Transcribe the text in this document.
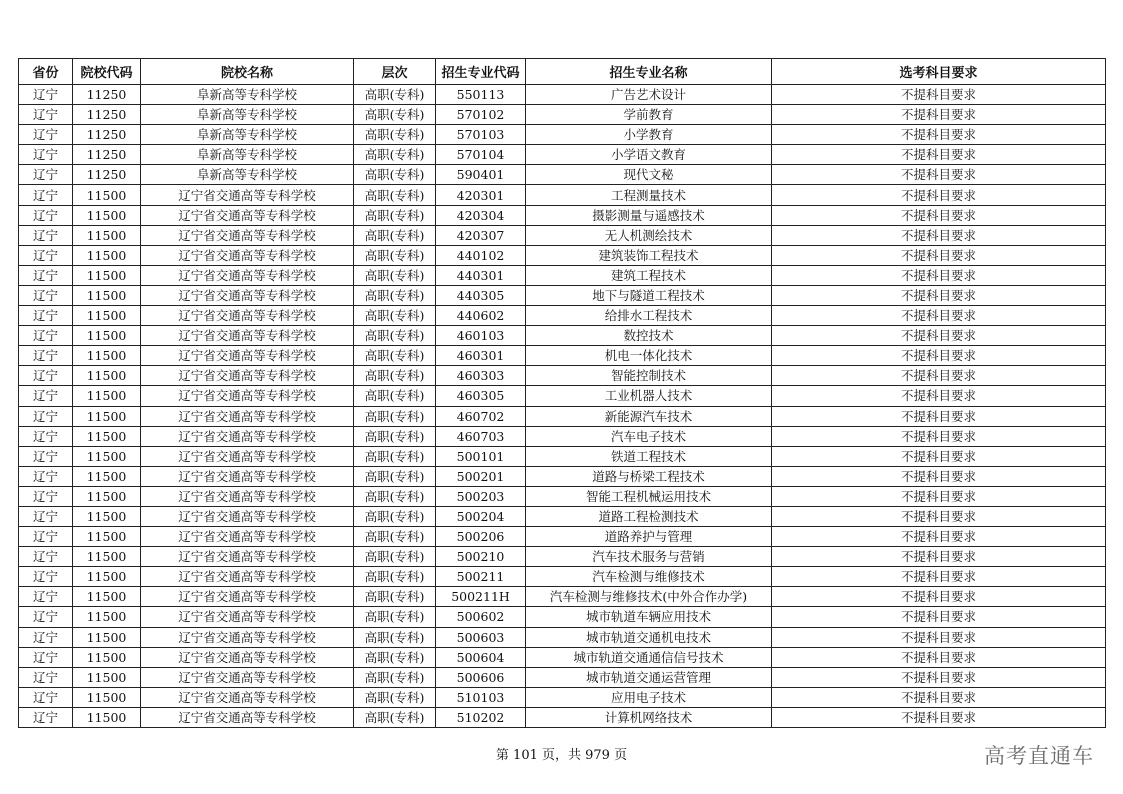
省份	院校代码	院校名称	层次	招生专业代码	招生专业名称	选考科目要求
辽宁	11250	阜新高等专科学校	高职(专科)	550113	广告艺术设计	不提科目要求
辽宁	11250	阜新高等专科学校	高职(专科)	570102	学前教育	不提科目要求
辽宁	11250	阜新高等专科学校	高职(专科)	570103	小学教育	不提科目要求
辽宁	11250	阜新高等专科学校	高职(专科)	570104	小学语文教育	不提科目要求
辽宁	11250	阜新高等专科学校	高职(专科)	590401	现代文秘	不提科目要求
辽宁	11500	辽宁省交通高等专科学校	高职(专科)	420301	工程测量技术	不提科目要求
辽宁	11500	辽宁省交通高等专科学校	高职(专科)	420304	摄影测量与遥感技术	不提科目要求
辽宁	11500	辽宁省交通高等专科学校	高职(专科)	420307	无人机测绘技术	不提科目要求
辽宁	11500	辽宁省交通高等专科学校	高职(专科)	440102	建筑装饰工程技术	不提科目要求
辽宁	11500	辽宁省交通高等专科学校	高职(专科)	440301	建筑工程技术	不提科目要求
辽宁	11500	辽宁省交通高等专科学校	高职(专科)	440305	地下与隧道工程技术	不提科目要求
辽宁	11500	辽宁省交通高等专科学校	高职(专科)	440602	给排水工程技术	不提科目要求
辽宁	11500	辽宁省交通高等专科学校	高职(专科)	460103	数控技术	不提科目要求
辽宁	11500	辽宁省交通高等专科学校	高职(专科)	460301	机电一体化技术	不提科目要求
辽宁	11500	辽宁省交通高等专科学校	高职(专科)	460303	智能控制技术	不提科目要求
辽宁	11500	辽宁省交通高等专科学校	高职(专科)	460305	工业机器人技术	不提科目要求
辽宁	11500	辽宁省交通高等专科学校	高职(专科)	460702	新能源汽车技术	不提科目要求
辽宁	11500	辽宁省交通高等专科学校	高职(专科)	460703	汽车电子技术	不提科目要求
辽宁	11500	辽宁省交通高等专科学校	高职(专科)	500101	铁道工程技术	不提科目要求
辽宁	11500	辽宁省交通高等专科学校	高职(专科)	500201	道路与桥梁工程技术	不提科目要求
辽宁	11500	辽宁省交通高等专科学校	高职(专科)	500203	智能工程机械运用技术	不提科目要求
辽宁	11500	辽宁省交通高等专科学校	高职(专科)	500204	道路工程检测技术	不提科目要求
辽宁	11500	辽宁省交通高等专科学校	高职(专科)	500206	道路养护与管理	不提科目要求
辽宁	11500	辽宁省交通高等专科学校	高职(专科)	500210	汽车技术服务与营销	不提科目要求
辽宁	11500	辽宁省交通高等专科学校	高职(专科)	500211	汽车检测与维修技术	不提科目要求
辽宁	11500	辽宁省交通高等专科学校	高职(专科)	500211H	汽车检测与维修技术(中外合作办学)	不提科目要求
辽宁	11500	辽宁省交通高等专科学校	高职(专科)	500602	城市轨道车辆应用技术	不提科目要求
辽宁	11500	辽宁省交通高等专科学校	高职(专科)	500603	城市轨道交通机电技术	不提科目要求
辽宁	11500	辽宁省交通高等专科学校	高职(专科)	500604	城市轨道交通通信信号技术	不提科目要求
辽宁	11500	辽宁省交通高等专科学校	高职(专科)	500606	城市轨道交通运营管理	不提科目要求
辽宁	11500	辽宁省交通高等专科学校	高职(专科)	510103	应用电子技术	不提科目要求
辽宁	11500	辽宁省交通高等专科学校	高职(专科)	510202	计算机网络技术	不提科目要求
第 101 页，共 979 页	高考直通车
